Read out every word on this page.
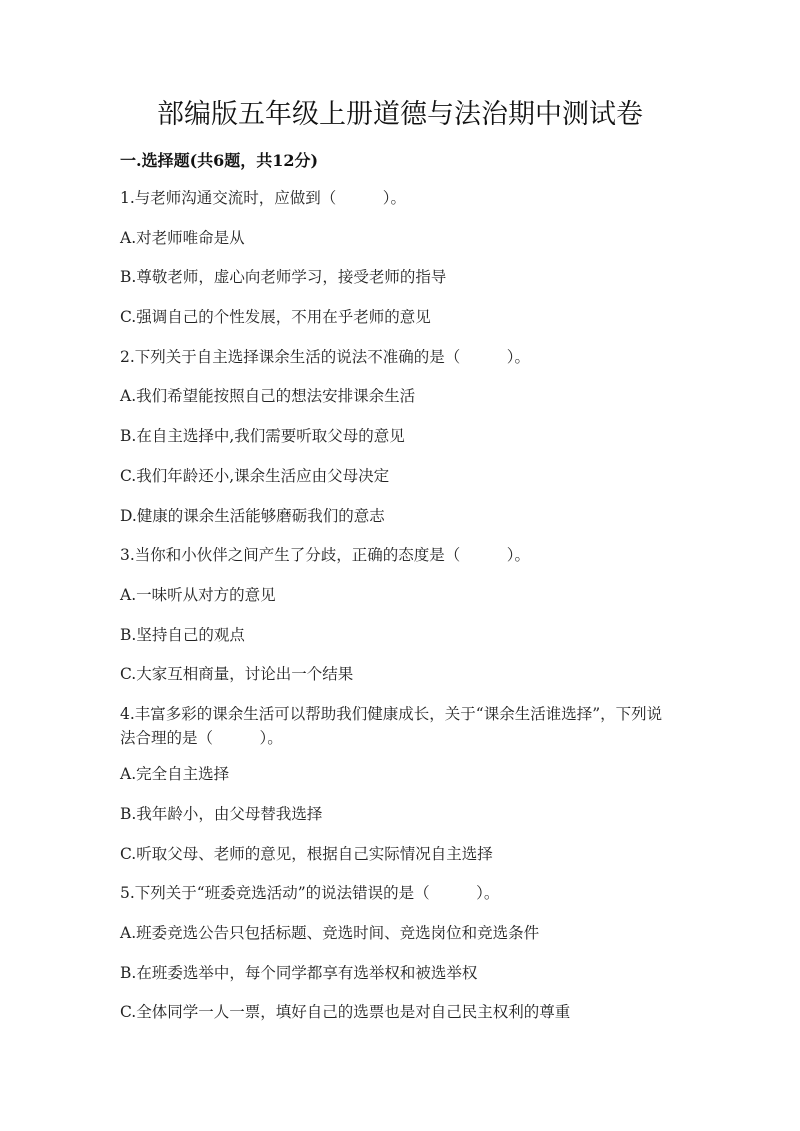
部编版五年级上册道德与法治期中测试卷
一.选择题(共6题，共12分)
1.与老师沟通交流时，应做到（　　　）。
A.对老师唯命是从
B.尊敬老师，虚心向老师学习，接受老师的指导
C.强调自己的个性发展，不用在乎老师的意见
2.下列关于自主选择课余生活的说法不准确的是（　　　）。
A.我们希望能按照自己的想法安排课余生活
B.在自主选择中,我们需要听取父母的意见
C.我们年龄还小,课余生活应由父母决定
D.健康的课余生活能够磨砺我们的意志
3.当你和小伙伴之间产生了分歧，正确的态度是（　　　）。
A.一味听从对方的意见
B.坚持自己的观点
C.大家互相商量，讨论出一个结果
4.丰富多彩的课余生活可以帮助我们健康成长，关于“课余生活谁选择”，下列说法合理的是（　　　）。
A.完全自主选择
B.我年龄小，由父母替我选择
C.听取父母、老师的意见，根据自己实际情况自主选择
5.下列关于“班委竞选活动”的说法错误的是（　　　）。
A.班委竞选公告只包括标题、竞选时间、竞选岗位和竞选条件
B.在班委选举中，每个同学都享有选举权和被选举权
C.全体同学一人一票，填好自己的选票也是对自己民主权利的尊重
